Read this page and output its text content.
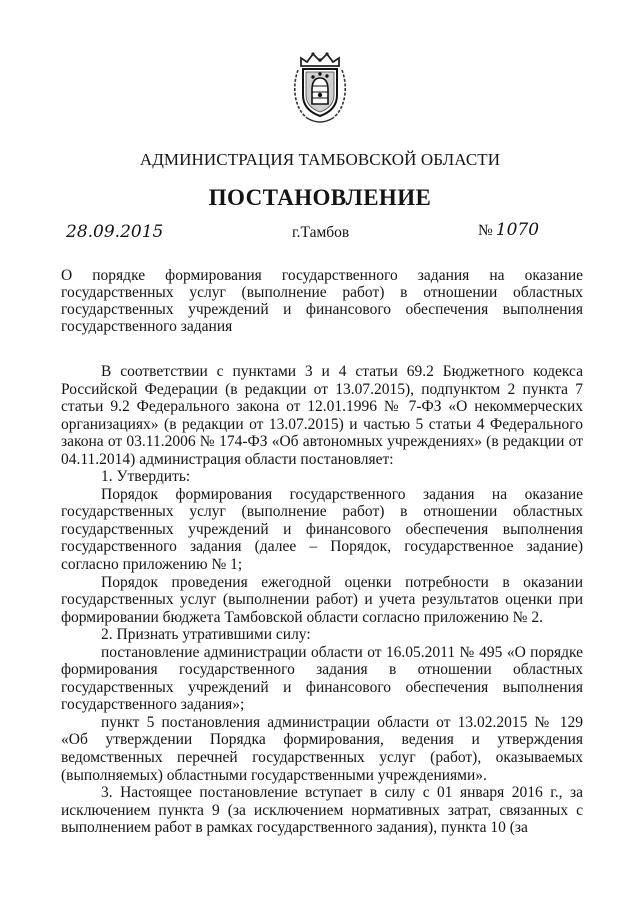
АДМИНИСТРАЦИЯ ТАМБОВСКОЙ ОБЛАСТИ
ПОСТАНОВЛЕНИЕ
28.09.2015	г.Тамбов	№ 1070
О порядке формирования государственного задания на оказание государственных услуг (выполнение работ) в отношении областных государственных учреждений и финансового обеспечения выполнения государственного задания

В соответствии с пунктами 3 и 4 статьи 69.2 Бюджетного кодекса Российской Федерации (в редакции от 13.07.2015), подпунктом 2 пункта 7 статьи 9.2 Федерального закона от 12.01.1996 № 7-ФЗ «О некоммерческих организациях» (в редакции от 13.07.2015) и частью 5 статьи 4 Федерального закона от 03.11.2006 № 174-ФЗ «Об автономных учреждениях» (в редакции от 04.11.2014) администрация области постановляет:

1. Утвердить:

Порядок формирования государственного задания на оказание государственных услуг (выполнение работ) в отношении областных государственных учреждений и финансового обеспечения выполнения государственного задания (далее – Порядок, государственное задание) согласно приложению № 1;

Порядок проведения ежегодной оценки потребности в оказании государственных услуг (выполнении работ) и учета результатов оценки при формировании бюджета Тамбовской области согласно приложению № 2.

2. Признать утратившими силу:

постановление администрации области от 16.05.2011 № 495 «О порядке формирования государственного задания в отношении областных государственных учреждений и финансового обеспечения выполнения государственного задания»;

пункт 5 постановления администрации области от 13.02.2015 № 129 «Об утверждении Порядка формирования, ведения и утверждения ведомственных перечней государственных услуг (работ), оказываемых (выполняемых) областными государственными учреждениями».

3. Настоящее постановление вступает в силу с 01 января 2016 г., за исключением пункта 9 (за исключением нормативных затрат, связанных с выполнением работ в рамках государственного задания), пункта 10 (за
